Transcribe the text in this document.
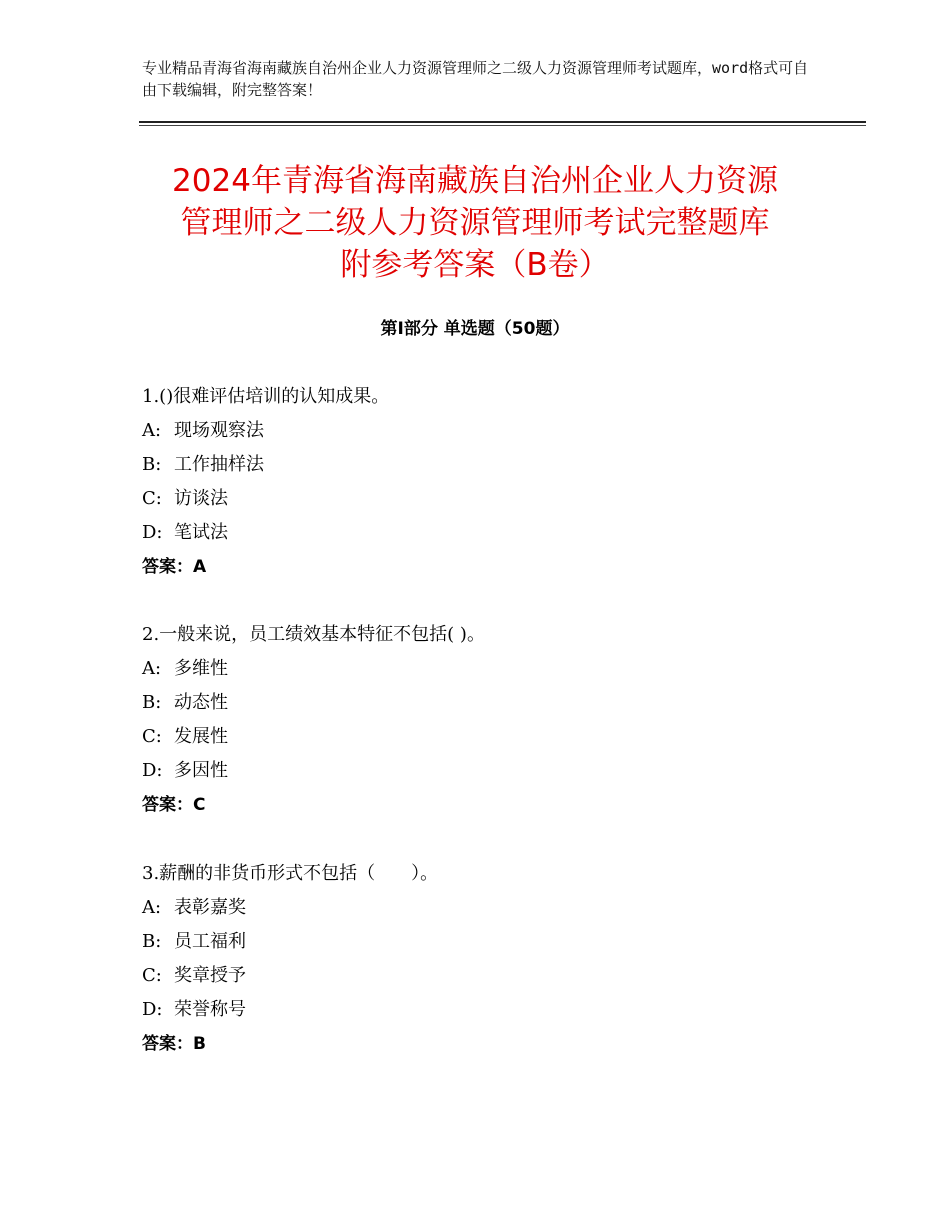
专业精品青海省海南藏族自治州企业人力资源管理师之二级人力资源管理师考试题库，word格式可自由下载编辑，附完整答案！
2024年青海省海南藏族自治州企业人力资源
管理师之二级人力资源管理师考试完整题库
附参考答案（B卷）
第Ⅰ部分 单选题（50题）
1.()很难评估培训的认知成果。
A: 现场观察法
B: 工作抽样法
C: 访谈法
D: 笔试法
答案：A
2.一般来说，员工绩效基本特征不包括( )。
A: 多维性
B: 动态性
C: 发展性
D: 多因性
答案：C
3.薪酬的非货币形式不包括（　　）。
A: 表彰嘉奖
B: 员工福利
C: 奖章授予
D: 荣誉称号
答案：B
